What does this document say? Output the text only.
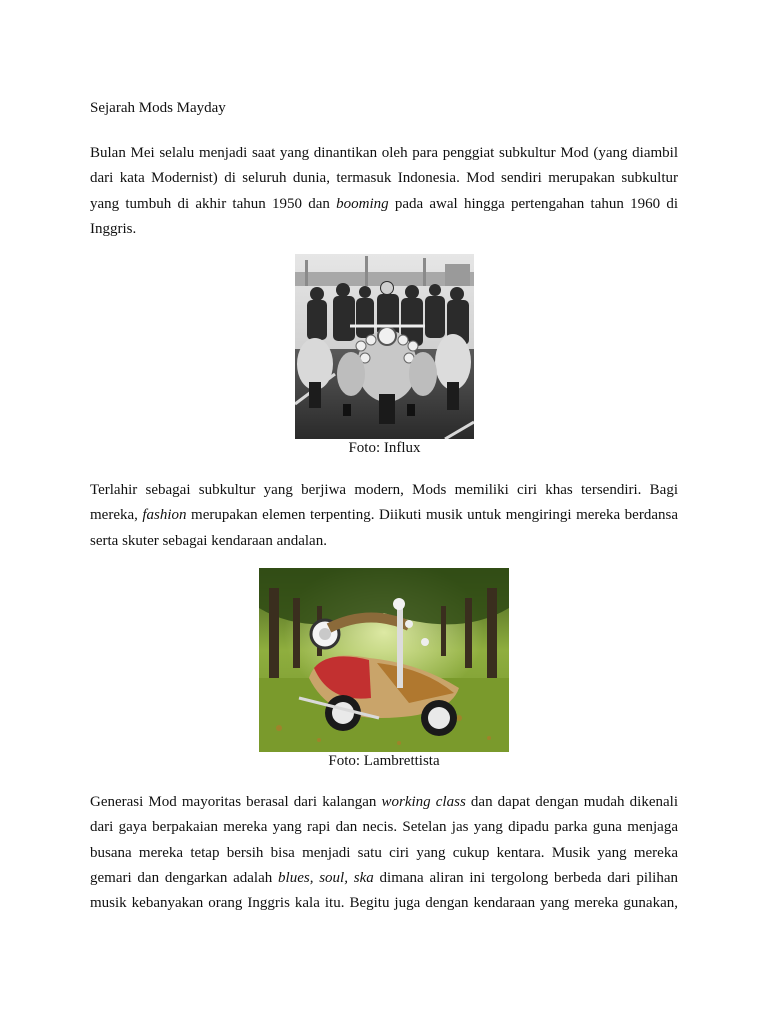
Sejarah Mods Mayday
Bulan Mei selalu menjadi saat yang dinantikan oleh para penggiat subkultur Mod (yang diambil
dari kata Modernist) di seluruh dunia, termasuk Indonesia. Mod sendiri merupakan subkultur
yang tumbuh di akhir tahun 1950 dan booming pada awal hingga pertengahan tahun 1960 di
Inggris.
Foto: Influx
Terlahir sebagai subkultur yang berjiwa modern, Mods memiliki ciri khas tersendiri. Bagi
mereka, fashion merupakan elemen terpenting. Diikuti musik untuk mengiringi mereka berdansa
serta skuter sebagai kendaraan andalan.
Foto: Lambrettista
Generasi Mod mayoritas berasal dari kalangan working class dan dapat dengan mudah dikenali
dari gaya berpakaian mereka yang rapi dan necis. Setelan jas yang dipadu parka guna menjaga
busana mereka tetap bersih bisa menjadi satu ciri yang cukup kentara. Musik yang mereka
gemari dan dengarkan adalah blues, soul, ska dimana aliran ini tergolong berbeda dari pilihan
musik kebanyakan orang Inggris kala itu. Begitu juga dengan kendaraan yang mereka gunakan,
